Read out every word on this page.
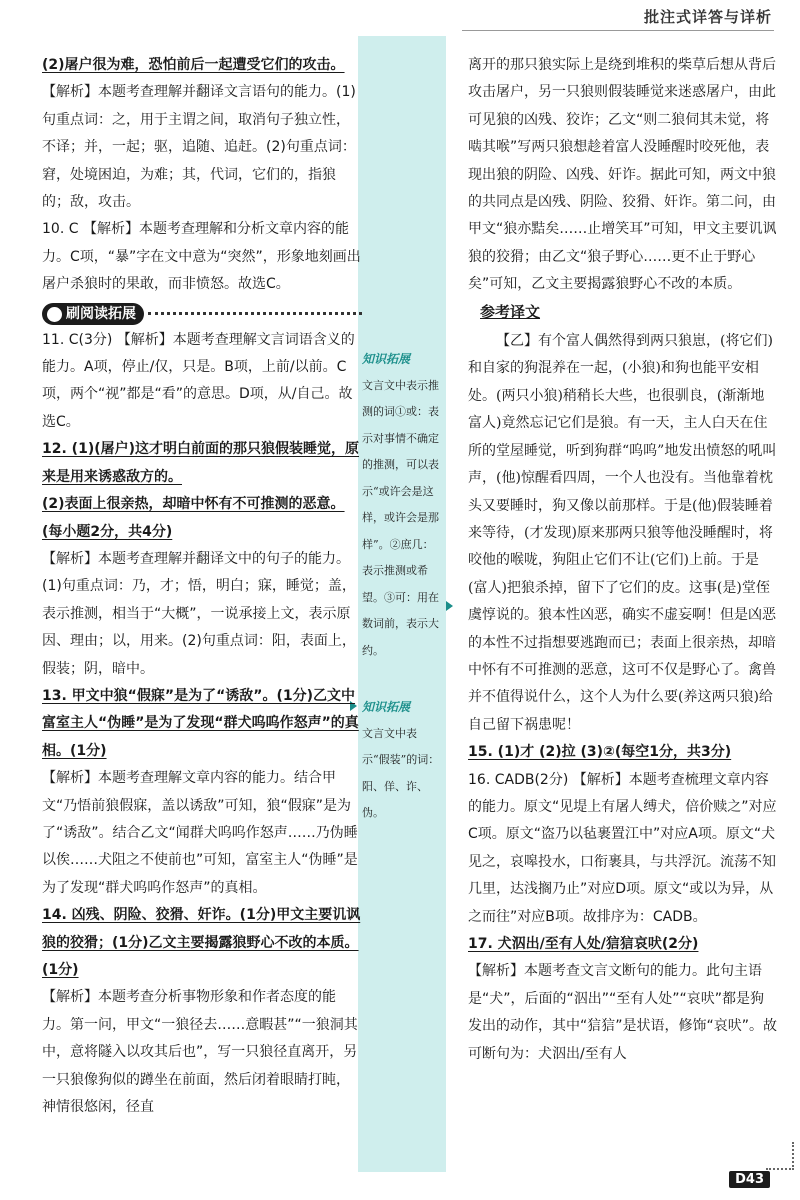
批注式详答与详析
知识拓展
文言文中表示推测的词①或：表示对事情不确定的推测，可以表示“或许会是这样，或许会是那样”。②庶几：表示推测或希望。③可：用在数词前，表示大约。
知识拓展
文言文中表示“假装”的词：阳、佯、诈、伪。

(2)屠户很为难，恐怕前后一起遭受它们的攻击。

【解析】本题考查理解并翻译文言语句的能力。(1)句重点词：之，用于主谓之间，取消句子独立性，不译；并，一起；驱，追随、追赶。(2)句重点词：窘，处境困迫，为难；其，代词，它们的，指狼的；敌，攻击。

10. C 【解析】本题考查理解和分析文章内容的能力。C项，“暴”字在文中意为“突然”，形象地刻画出屠户杀狼时的果敢，而非愤怒。故选C。

刷阅读拓展

11. C(3分) 【解析】本题考查理解文言词语含义的能力。A项，停止/仅，只是。B项，上前/以前。C项，两个“视”都是“看”的意思。D项，从/自己。故选C。

12. (1)(屠户)这才明白前面的那只狼假装睡觉，原来是用来诱惑敌方的。

(2)表面上很亲热，却暗中怀有不可推测的恶意。(每小题2分，共4分)

【解析】本题考查理解并翻译文中的句子的能力。(1)句重点词：乃，才；悟，明白；寐，睡觉；盖，表示推测，相当于“大概”，一说承接上文，表示原因、理由；以，用来。(2)句重点词：阳，表面上，假装；阴，暗中。

13. 甲文中狼“假寐”是为了“诱敌”。(1分)乙文中富室主人“伪睡”是为了发现“群犬呜呜作怒声”的真相。(1分)

【解析】本题考查理解文章内容的能力。结合甲文“乃悟前狼假寐，盖以诱敌”可知，狼“假寐”是为了“诱敌”。结合乙文“闻群犬呜呜作怒声……乃伪睡以俟……犬阻之不使前也”可知，富室主人“伪睡”是为了发现“群犬呜呜作怒声”的真相。

14. 凶残、阴险、狡猾、奸诈。(1分)甲文主要讥讽狼的狡猾；(1分)乙文主要揭露狼野心不改的本质。(1分)

【解析】本题考查分析事物形象和作者态度的能力。第一问，甲文“一狼径去……意暇甚”“一狼洞其中，意将隧入以攻其后也”，写一只狼径直离开，另一只狼像狗似的蹲坐在前面，然后闭着眼睛打盹，神情很悠闲，径直

离开的那只狼实际上是绕到堆积的柴草后想从背后攻击屠户，另一只狼则假装睡觉来迷惑屠户，由此可见狼的凶残、狡诈；乙文“则二狼伺其未觉，将啮其喉”写两只狼想趁着富人没睡醒时咬死他，表现出狼的阴险、凶残、奸诈。据此可知，两文中狼的共同点是凶残、阴险、狡猾、奸诈。第二问，由甲文“狼亦黠矣……止增笑耳”可知，甲文主要讥讽狼的狡猾；由乙文“狼子野心……更不止于野心矣”可知，乙文主要揭露狼野心不改的本质。

参考译文

【乙】有个富人偶然得到两只狼崽，(将它们)和自家的狗混养在一起，(小狼)和狗也能平安相处。(两只小狼)稍稍长大些，也很驯良，(渐渐地富人)竟然忘记它们是狼。有一天，主人白天在住所的堂屋睡觉，听到狗群“呜呜”地发出愤怒的吼叫声，(他)惊醒看四周，一个人也没有。当他靠着枕头又要睡时，狗又像以前那样。于是(他)假装睡着来等待，(才发现)原来那两只狼等他没睡醒时，将咬他的喉咙，狗阻止它们不让(它们)上前。于是(富人)把狼杀掉，留下了它们的皮。这事(是)堂侄虞惇说的。狼本性凶恶，确实不虚妄啊！但是凶恶的本性不过指想要逃跑而已；表面上很亲热，却暗中怀有不可推测的恶意，这可不仅是野心了。禽兽并不值得说什么，这个人为什么要(养这两只狼)给自己留下祸患呢！

15. (1)才 (2)拉 (3)②(每空1分，共3分)

16. CADB(2分) 【解析】本题考查梳理文章内容的能力。原文“见堤上有屠人缚犬，倍价赎之”对应C项。原文“盗乃以毡裹置江中”对应A项。原文“犬见之，哀嗥投水，口衔裹具，与共浮沉。流荡不知几里，达浅搁乃止”对应D项。原文“或以为异，从之而往”对应B项。故排序为：CADB。

17. 犬泅出/至有人处/狺狺哀吠(2分)

【解析】本题考查文言文断句的能力。此句主语是“犬”，后面的“泅出”“至有人处”“哀吠”都是狗发出的动作，其中“狺狺”是状语，修饰“哀吠”。故可断句为：犬泅出/至有人

D43
